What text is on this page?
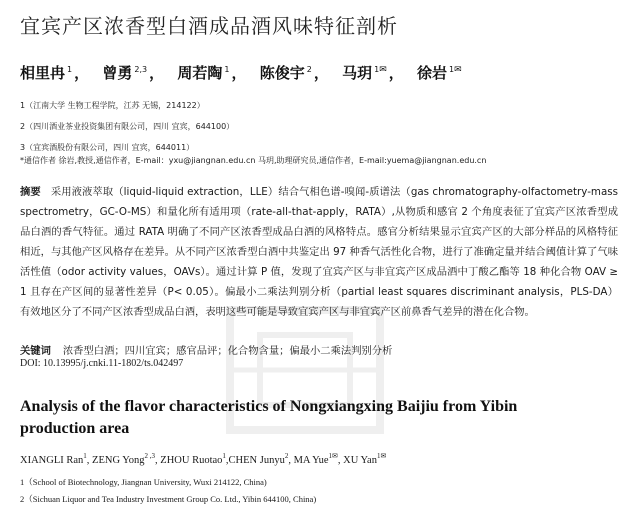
宜宾产区浓香型白酒成品酒风味特征剖析
相里冉 $^1$ ， 曾勇 $^{2,3}$ ， 周若陶 $^1$ ， 陈俊宇 $^2$ ， 马玥 $^{1✉}$ ， 徐岩 $^{1✉}$
1（江南大学 生物工程学院，江苏 无锡，214122）
2（四川酒业茶业投资集团有限公司，四川 宜宾，644100）
3（宜宾酒股份有限公司，四川 宜宾，644011）
*通信作者 徐岩,教授,通信作者，E-mail：yxu@jiangnan.edu.cn 马玥,助理研究员,通信作者，E-mail:yuema@jiangnan.edu.cn
摘要 采用液液萃取（liquid-liquid extraction，LLE）结合气相色谱-嗅闻-质谱法（gas chromatography-olfactometry-mass spectrometry，GC-O-MS）和量化所有适用项（rate-all-that-apply，RATA）,从物质和感官 2 个角度表征了宜宾产区浓香型成品白酒的香气特征。通过 RATA 明确了不同产区浓香型成品白酒的风格特点。感官分析结果显示宜宾产区的大部分样品的风格特征相近，与其他产区风格存在差异。从不同产区浓香型白酒中共鉴定出 97 种香气活性化合物，进行了准确定量并结合阈值计算了气味活性值（odor activity values，OAVs）。通过计算 P 值，发现了宜宾产区与非宜宾产区成品酒中丁酸乙酯等 18 种化合物 OAV ≥ 1 且存在产区间的显著性差异（P< 0.05）。偏最小二乘法判别分析（partial least squares discriminant analysis，PLS-DA）有效地区分了不同产区浓香型成品白酒，表明这些可能是导致宜宾产区与非宜宾产区前鼻香气差异的潜在化合物。
关键词 浓香型白酒；四川宜宾；感官品评；化合物含量；偏最小二乘法判别分析
DOI: 10.13995/j.cnki.11-1802/ts.042497
Analysis of the flavor characteristics of Nongxiangxing Baijiu from Yibin production area
XIANGLI Ran$^1$, ZENG Yong$^{2 ,3}$, ZHOU Ruotao$^1$,CHEN Junyu$^2$, MA Yue$^{1✉}$, XU Yan$^{1✉}$
1（School of Biotechnology, Jiangnan University, Wuxi 214122, China)
2（Sichuan Liquor and Tea Industry Investment Group Co. Ltd., Yibin 644100, China)
